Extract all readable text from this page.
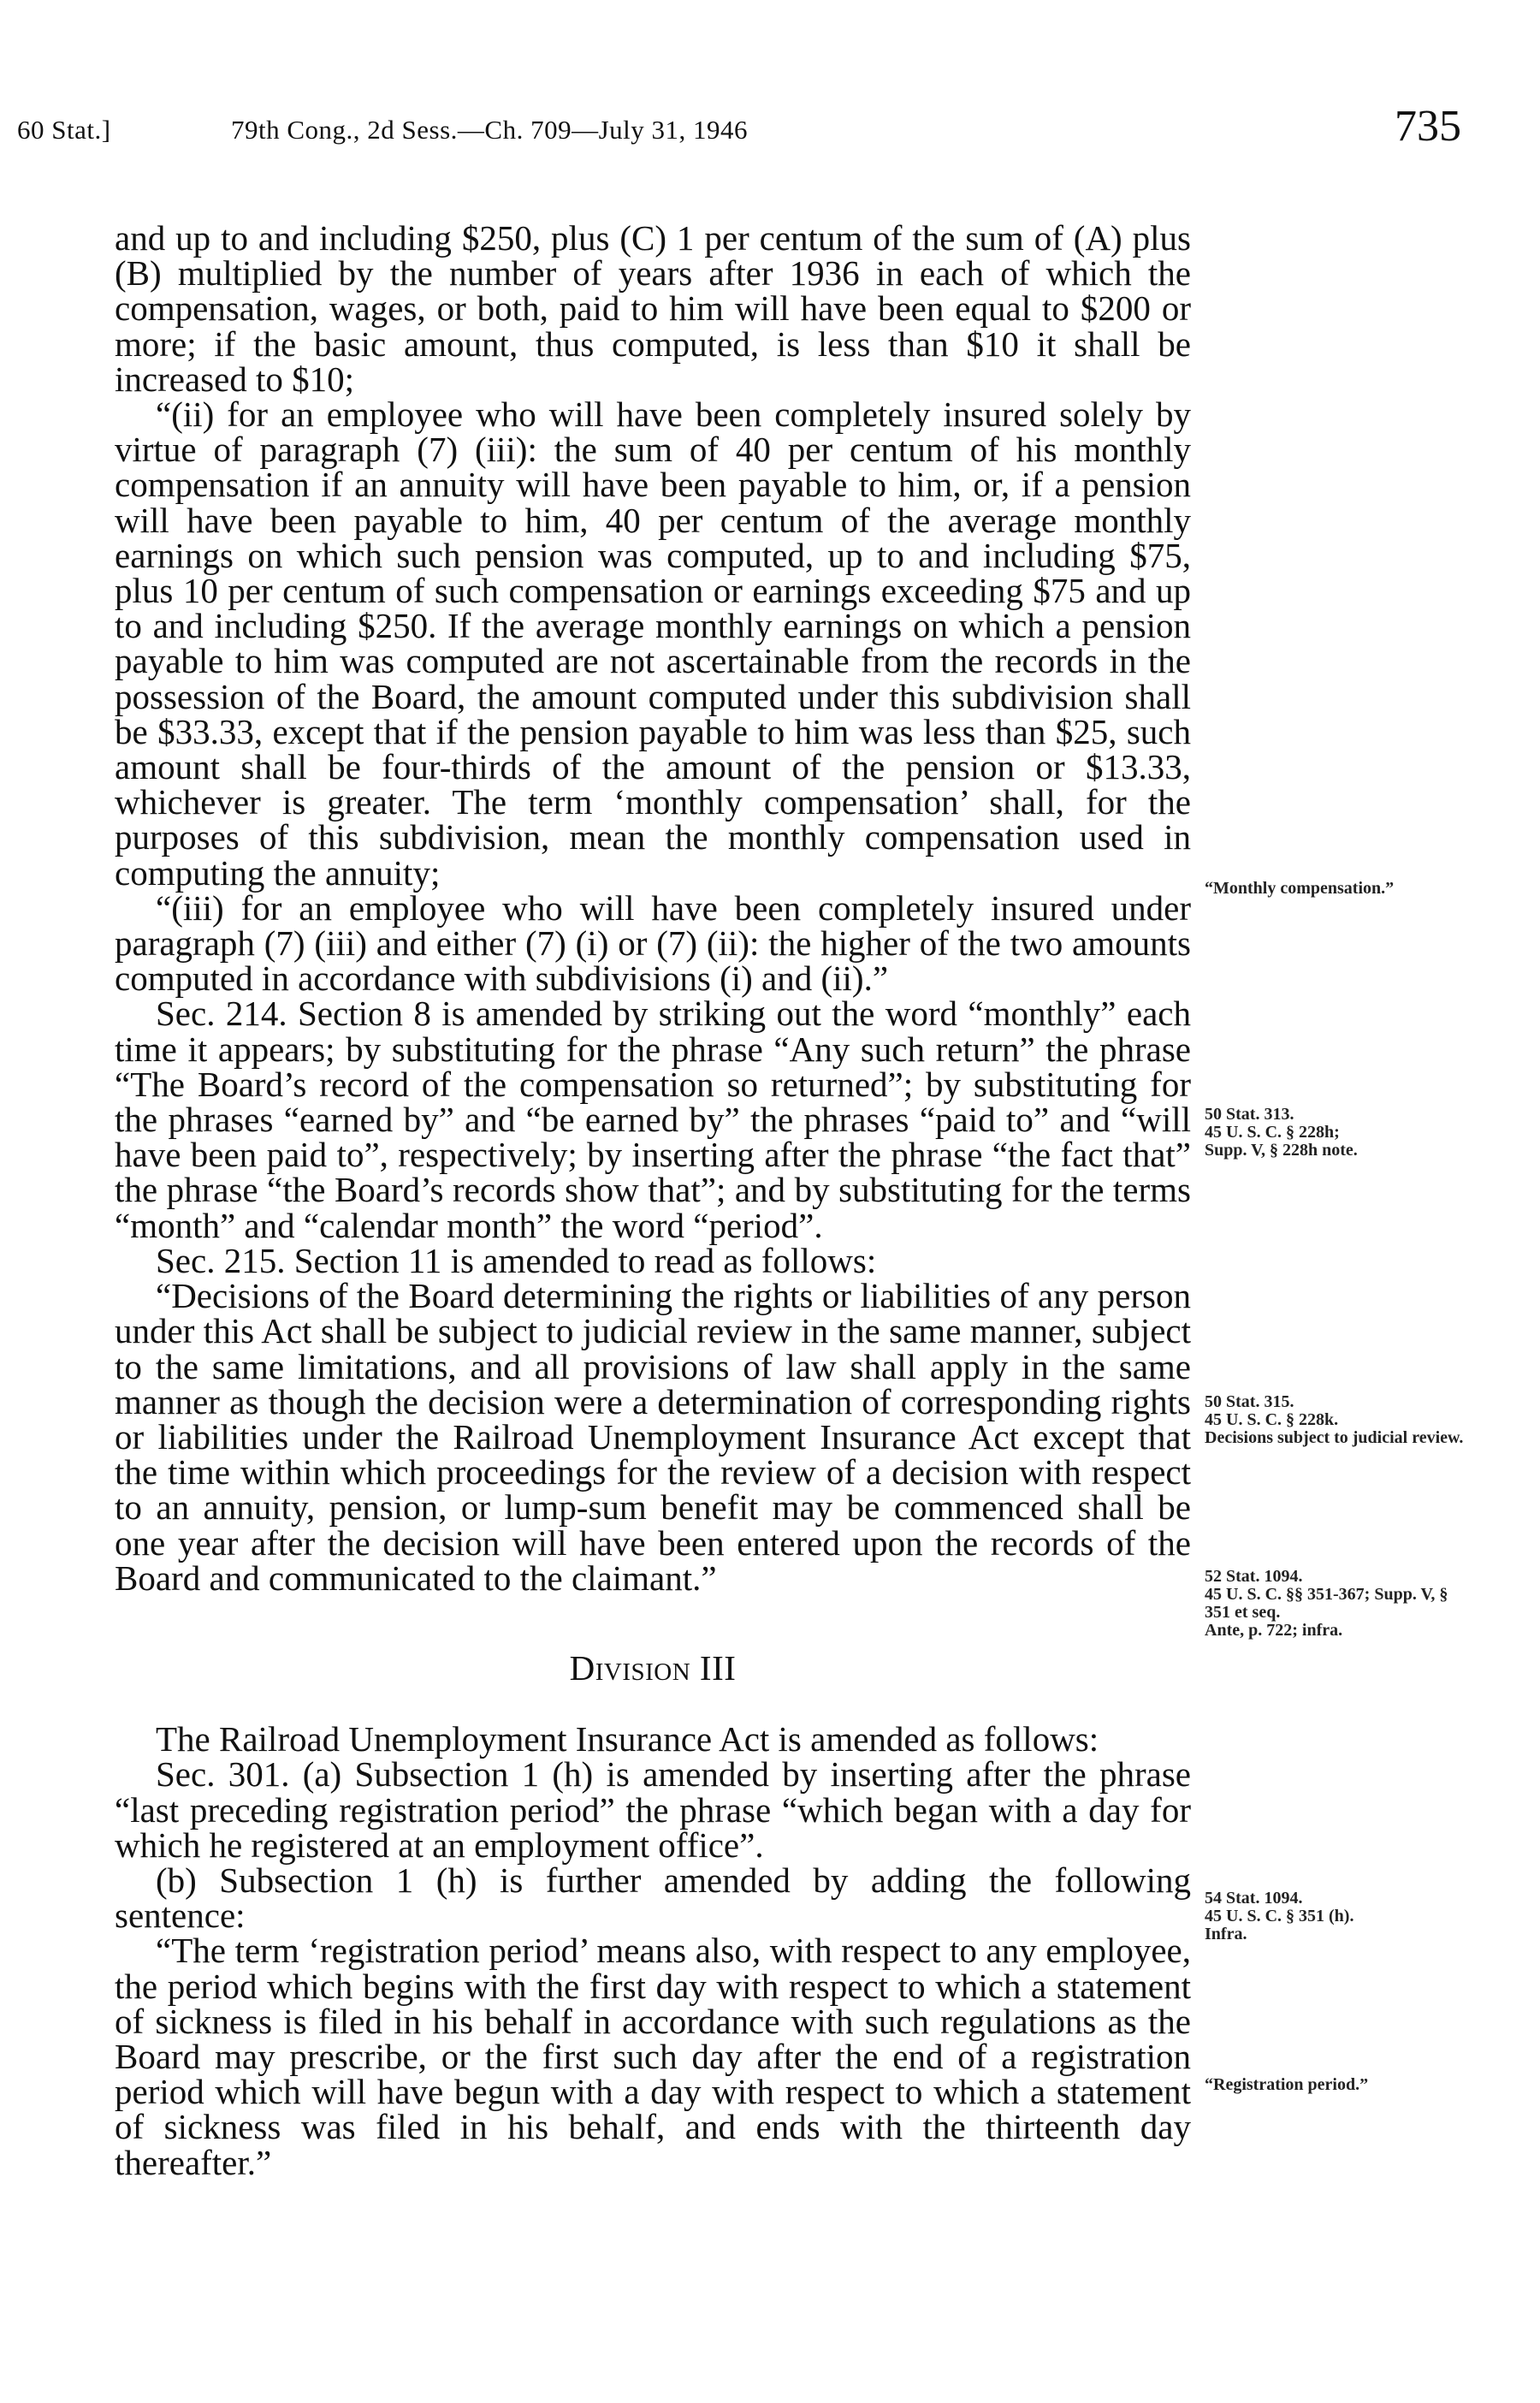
60 Stat.]	79th Cong., 2d Sess.—Ch. 709—July 31, 1946	735

and up to and including $250, plus (C) 1 per centum of the sum of (A) plus (B) multiplied by the number of years after 1936 in each of which the compensation, wages, or both, paid to him will have been equal to $200 or more; if the basic amount, thus computed, is less than $10 it shall be increased to $10;

“(ii) for an employee who will have been completely insured solely by virtue of paragraph (7) (iii): the sum of 40 per centum of his monthly compensation if an annuity will have been payable to him, or, if a pension will have been payable to him, 40 per centum of the average monthly earnings on which such pension was computed, up to and including $75, plus 10 per centum of such compensation or earnings exceeding $75 and up to and including $250. If the average monthly earnings on which a pension payable to him was computed are not ascertainable from the records in the possession of the Board, the amount computed under this subdivision shall be $33.33, except that if the pension payable to him was less than $25, such amount shall be four-thirds of the amount of the pension or $13.33, whichever is greater. The term ‘monthly compensation’ shall, for the purposes of this subdivision, mean the monthly compensation used in computing the annuity;

“(iii) for an employee who will have been completely insured under paragraph (7) (iii) and either (7) (i) or (7) (ii): the higher of the two amounts computed in accordance with subdivisions (i) and (ii).”

Sec. 214. Section 8 is amended by striking out the word “monthly” each time it appears; by substituting for the phrase “Any such return” the phrase “The Board’s record of the compensation so returned”; by substituting for the phrases “earned by” and “be earned by” the phrases “paid to” and “will have been paid to”, respectively; by inserting after the phrase “the fact that” the phrase “the Board’s records show that”; and by substituting for the terms “month” and “calendar month” the word “period”.

Sec. 215. Section 11 is amended to read as follows:

“Decisions of the Board determining the rights or liabilities of any person under this Act shall be subject to judicial review in the same manner, subject to the same limitations, and all provisions of law shall apply in the same manner as though the decision were a determination of corresponding rights or liabilities under the Railroad Unemployment Insurance Act except that the time within which proceedings for the review of a decision with respect to an annuity, pension, or lump-sum benefit may be commenced shall be one year after the decision will have been entered upon the records of the Board and communicated to the claimant.”

Division III

The Railroad Unemployment Insurance Act is amended as follows:

Sec. 301. (a) Subsection 1 (h) is amended by inserting after the phrase “last preceding registration period” the phrase “which began with a day for which he registered at an employment office”.

(b) Subsection 1 (h) is further amended by adding the following sentence:

“The term ‘registration period’ means also, with respect to any employee, the period which begins with the first day with respect to which a statement of sickness is filed in his behalf in accordance with such regulations as the Board may prescribe, or the first such day after the end of a registration period which will have begun with a day with respect to which a statement of sickness was filed in his behalf, and ends with the thirteenth day thereafter.”

“Monthly compensation.”
50 Stat. 313.
45 U. S. C. § 228h;
Supp. V, § 228h note.
50 Stat. 315.
45 U. S. C. § 228k.
Decisions subject to judicial review.
52 Stat. 1094.
45 U. S. C. §§ 351-367; Supp. V, § 351 et seq.
Ante, p. 722; infra.
54 Stat. 1094.
45 U. S. C. § 351 (h).
Infra.
“Registration period.”
